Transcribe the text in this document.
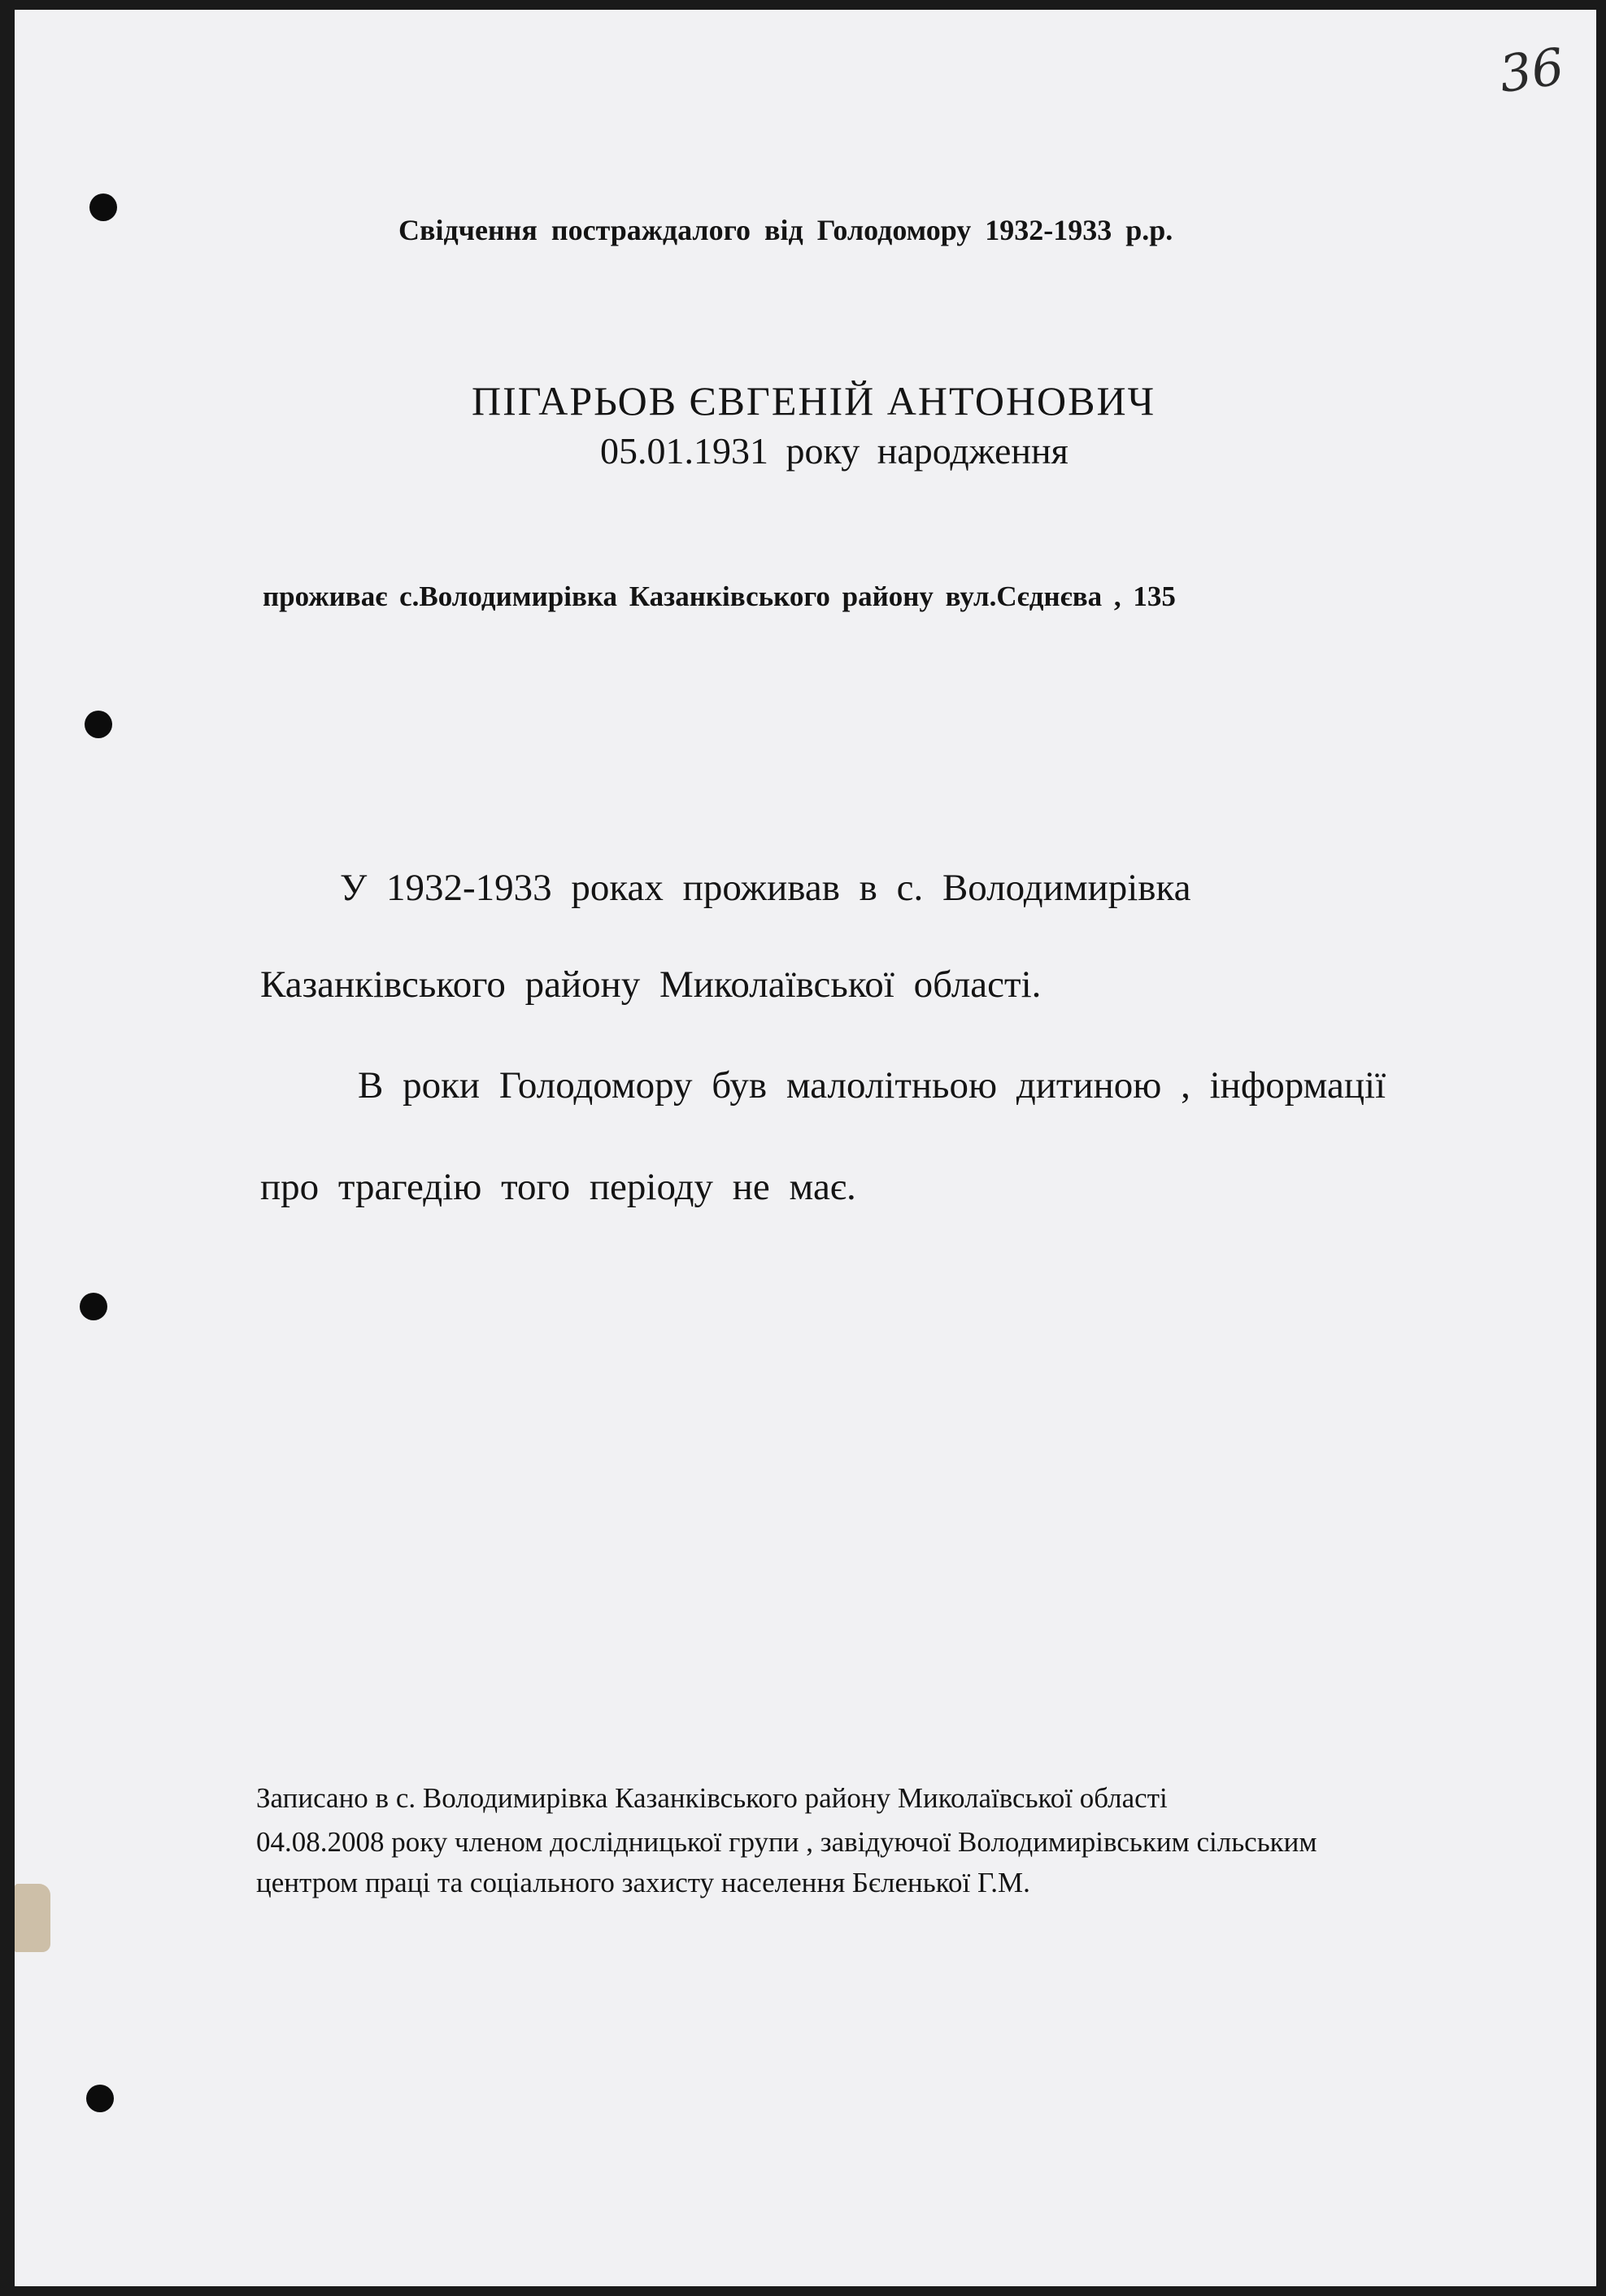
36
Свідчення постраждалого від Голодомору 1932-1933 р.р.
ПІГАРЬОВ ЄВГЕНІЙ АНТОНОВИЧ
05.01.1931 року народження
проживає с.Володимирівка Казанківського району вул.Сєднєва , 135
У 1932-1933 роках проживав в с. Володимирівка
Казанківського району Миколаївської області.
В роки Голодомору був малолітньою дитиною , інформації
про трагедію того періоду не має.
Записано в с. Володимирівка Казанківського району Миколаївської області
04.08.2008 року членом дослідницької групи , завідуючої Володимирівським сільським
центром праці та соціального захисту населення Бєленької Г.М.
